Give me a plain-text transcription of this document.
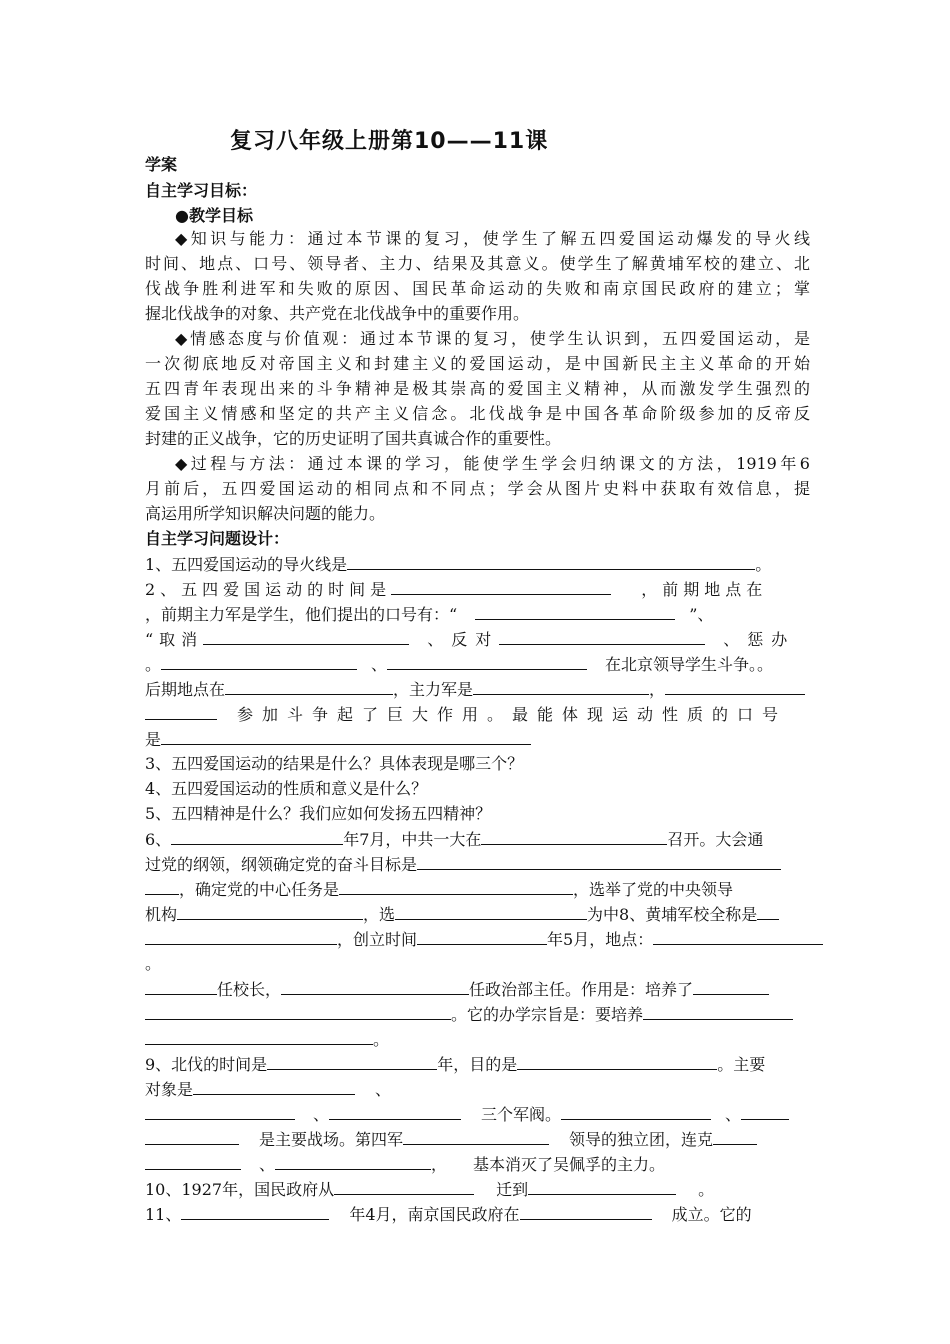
复习八年级上册第10——11课
学案
自主学习目标：
●教学目标
◆知识与能力：通过本节课的复习，使学生了解五四爱国运动爆发的导火线
时间、地点、口号、领导者、主力、结果及其意义。使学生了解黄埔军校的建立、北
伐战争胜利进军和失败的原因、国民革命运动的失败和南京国民政府的建立；掌
握北伐战争的对象、共产党在北伐战争中的重要作用。
◆情感态度与价值观：通过本节课的复习，使学生认识到，五四爱国运动，是
一次彻底地反对帝国主义和封建主义的爱国运动，是中国新民主主义革命的开始
五四青年表现出来的斗争精神是极其崇高的爱国主义精神，从而激发学生强烈的
爱国主义情感和坚定的共产主义信念。北伐战争是中国各革命阶级参加的反帝反
封建的正义战争，它的历史证明了国共真诚合作的重要性。
◆过程与方法：通过本课的学习，能使学生学会归纳课文的方法，1919年6
月前后，五四爱国运动的相同点和不同点；学会从图片史料中获取有效信息，提
高运用所学知识解决问题的能力。
自主学习问题设计：
1、五四爱国运动的导火线是	。
2、五四爱国运动的时间是	，前期地点在
，前期主力军是学生，他们提出的口号有：“	”、
“取消	、反对	、惩办
。	、	在北京领导学生斗争。。
后期地点在	，主力军是	，
参加斗争起了巨大作用。最能体现运动性质的口号
是
3、五四爱国运动的结果是什么？具体表现是哪三个？
4、五四爱国运动的性质和意义是什么？
5、五四精神是什么？我们应如何发扬五四精神？
6、	年7月，中共一大在	召开。大会通
过党的纲领，纲领确定党的奋斗目标是
，确定党的中心任务是	，选举了党的中央领导
机构	，选	为中8、黄埔军校全称是
，创立时间	年5月，地点：
。
任校长，	任政治部主任。作用是：培养了
。它的办学宗旨是：要培养
。
9、北伐的时间是	年，目的是	。主要
对象是	、
、	三个军阀。	、
是主要战场。第四军	领导的独立团，连克
、	， 基本消灭了吴佩孚的主力。
10、1927年，国民政府从	迁到	。
11、	年4月，南京国民政府在	成立。它的
